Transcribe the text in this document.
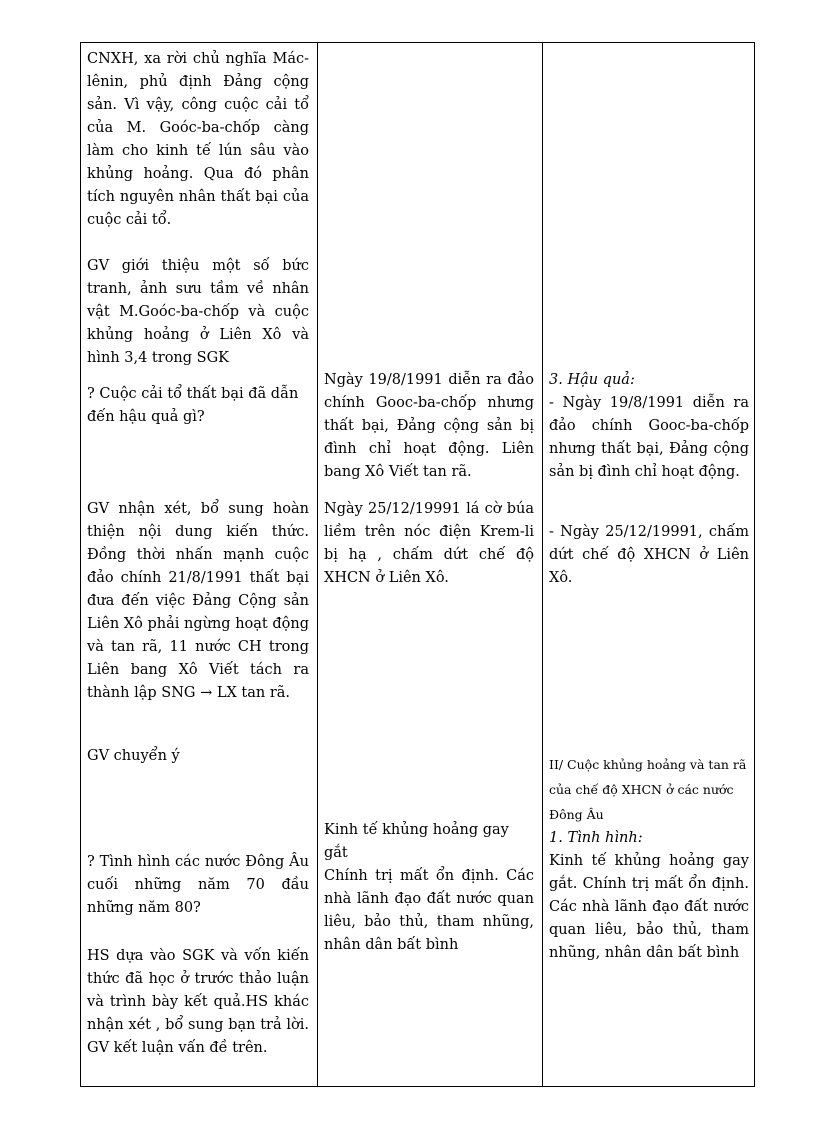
CNXH, xa rời chủ nghĩa Mác-lênin, phủ định Đảng cộng sản. Vì vậy, công cuộc cải tổ của M. Goóc-ba-chốp càng làm cho kinh tế lún sâu vào khủng hoảng. Qua đó phân tích nguyên nhân thất bại của cuộc cải tổ.
GV giới thiệu một số bức tranh, ảnh sưu tầm về nhân vật M.Goóc-ba-chốp và cuộc khủng hoảng ở Liên Xô và hình 3,4 trong SGK
? Cuộc cải tổ thất bại đã dẫn đến hậu quả gì?
GV nhận xét, bổ sung hoàn thiện nội dung kiến thức. Đồng thời nhấn mạnh cuộc đảo chính 21/8/1991 thất bại đưa đến việc Đảng Cộng sản Liên Xô phải ngừng hoạt động và tan rã, 11 nước CH trong Liên bang Xô Viết tách ra thành lập SNG → LX tan rã.
GV chuyển ý
? Tình hình các nước Đông Âu cuối những năm 70 đầu những năm 80?
HS dựa vào SGK và vốn kiến thức đã học ở trước thảo luận và trình bày kết quả.HS khác nhận xét , bổ sung bạn trả lời. GV kết luận vấn đề trên.
Ngày 19/8/1991 diễn ra đảo chính Gooc-ba-chốp nhưng thất bại, Đảng cộng sản bị đình chỉ hoạt động. Liên bang Xô Viết tan rã.
Ngày 25/12/19991 lá cờ búa liềm trên nóc điện Krem-li bị hạ , chấm dứt chế độ XHCN ở Liên Xô.

Kinh tế khủng hoảng gay gắt

Chính trị mất ổn định. Các nhà lãnh đạo đất nước quan liêu, bảo thủ, tham nhũng, nhân dân bất bình

3. Hậu quả:

- Ngày 19/8/1991 diễn ra đảo chính Gooc-ba-chốp nhưng thất bại, Đảng cộng sản bị đình chỉ hoạt động.

- Ngày 25/12/19991, chấm dứt chế độ XHCN ở Liên Xô.

II/ Cuộc khủng hoảng và tan rã của chế độ XHCN ở các nước Đông Âu

1. Tình hình:

Kinh tế khủng hoảng gay gắt. Chính trị mất ổn định. Các nhà lãnh đạo đất nước quan liêu, bảo thủ, tham nhũng, nhân dân bất bình
